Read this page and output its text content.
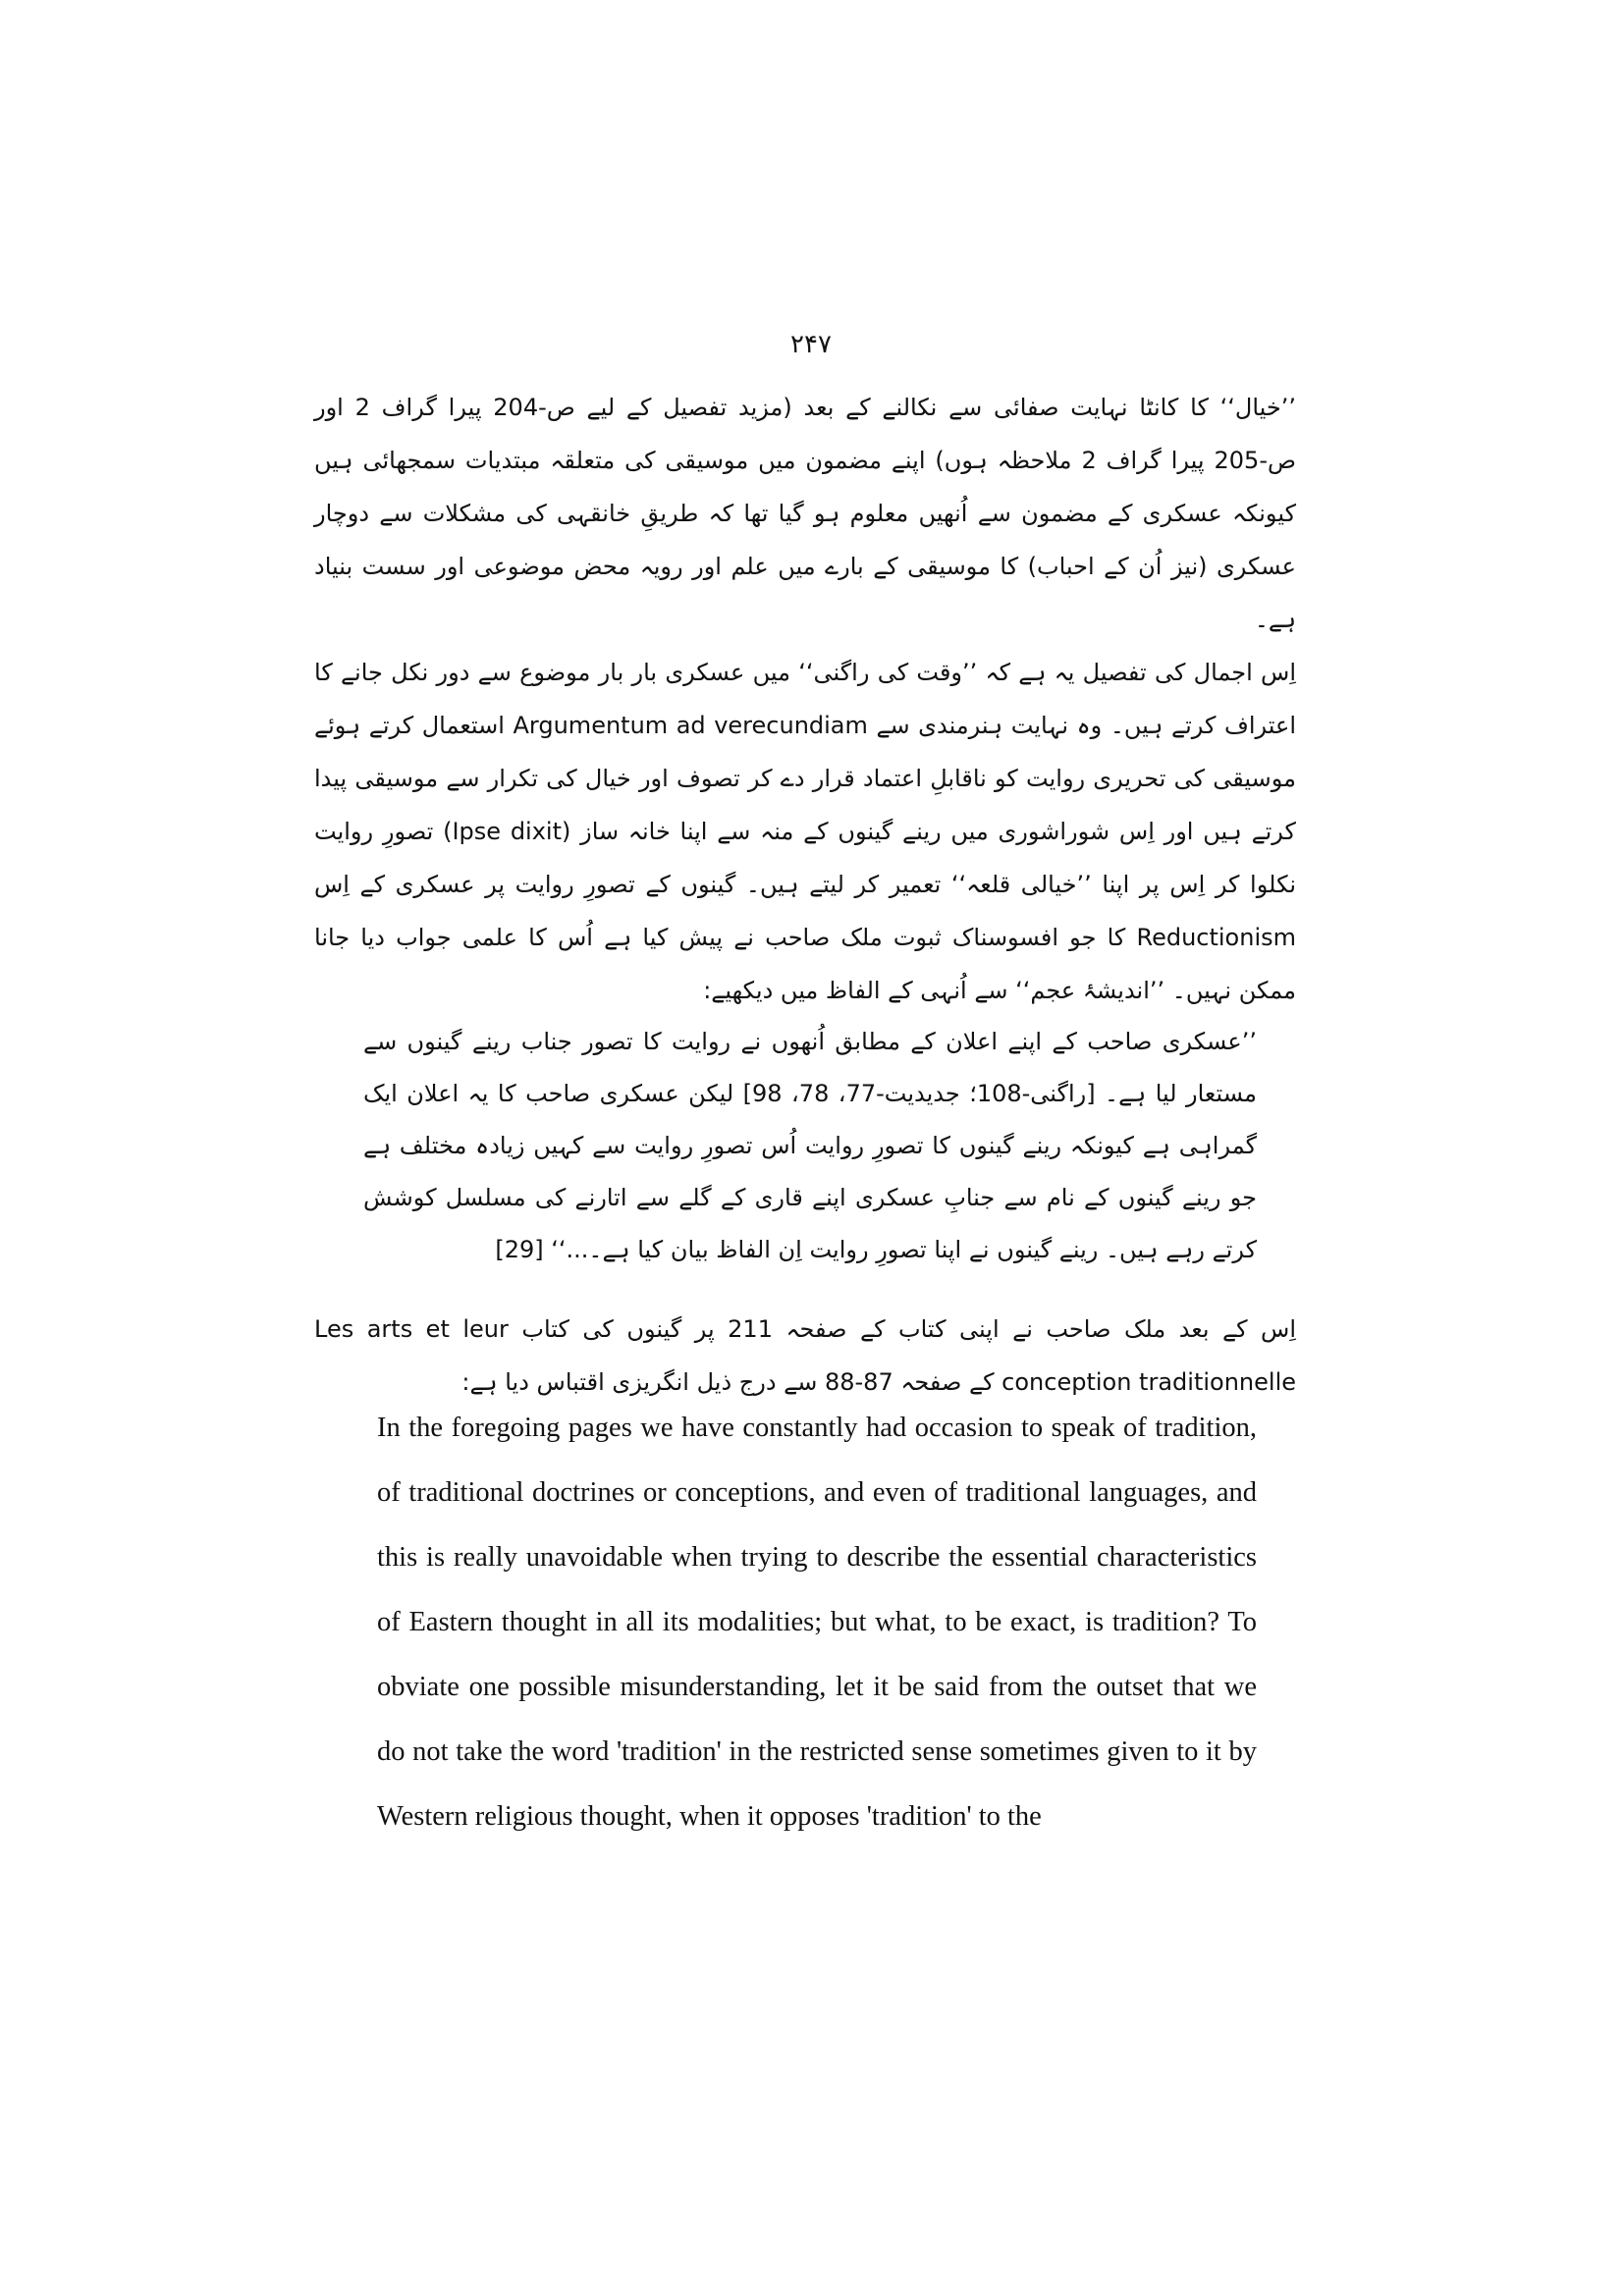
۲۴۷
’’خیال‘‘ کا کانٹا نہایت صفائی سے نکالنے کے بعد (مزید تفصیل کے لیے ص-204 پیرا گراف 2 اور ص-205 پیرا گراف 2 ملاحظہ ہوں) اپنے مضمون میں موسیقی کی متعلقہ مبتدیات سمجھائی ہیں کیونکہ عسکری کے مضمون سے اُنھیں معلوم ہو گیا تھا کہ طریقِ خانقہی کی مشکلات سے دوچار عسکری (نیز اُن کے احباب) کا موسیقی کے بارے میں علم اور رویہ محض موضوعی اور سست بنیاد ہے۔
اِس اجمال کی تفصیل یہ ہے کہ ’’وقت کی راگنی‘‘ میں عسکری بار بار موضوع سے دور نکل جانے کا اعتراف کرتے ہیں۔ وہ نہایت ہنرمندی سے Argumentum ad verecundiam استعمال کرتے ہوئے موسیقی کی تحریری روایت کو ناقابلِ اعتماد قرار دے کر تصوف اور خیال کی تکرار سے موسیقی پیدا کرتے ہیں اور اِس شوراشوری میں رینے گینوں کے منہ سے اپنا خانہ ساز (Ipse dixit) تصورِ روایت نکلوا کر اِس پر اپنا ’’خیالی قلعہ‘‘ تعمیر کر لیتے ہیں۔ گینوں کے تصورِ روایت پر عسکری کے اِس Reductionism کا جو افسوسناک ثبوت ملک صاحب نے پیش کیا ہے اُس کا علمی جواب دیا جانا ممکن نہیں۔ ’’اندیشۂ عجم‘‘ سے اُنہی کے الفاظ میں دیکھیے:
’’عسکری صاحب کے اپنے اعلان کے مطابق اُنھوں نے روایت کا تصور جناب رینے گینوں سے مستعار لیا ہے۔ [راگنی-108؛ جدیدیت-77، 78، 98] لیکن عسکری صاحب کا یہ اعلان ایک گمراہی ہے کیونکہ رینے گینوں کا تصورِ روایت اُس تصورِ روایت سے کہیں زیادہ مختلف ہے جو رینے گینوں کے نام سے جنابِ عسکری اپنے قاری کے گلے سے اتارنے کی مسلسل کوشش کرتے رہے ہیں۔ رینے گینوں نے اپنا تصورِ روایت اِن الفاظ بیان کیا ہے۔...‘‘ [29]
اِس کے بعد ملک صاحب نے اپنی کتاب کے صفحہ 211 پر گینوں کی کتاب Les arts et leur conception traditionnelle کے صفحہ 87-88 سے درج ذیل انگریزی اقتباس دیا ہے:
In the foregoing pages we have constantly had occasion to speak of tradition, of traditional doctrines or conceptions, and even of traditional languages, and this is really unavoidable when trying to describe the essential characteristics of Eastern thought in all its modalities; but what, to be exact, is tradition? To obviate one possible misunderstanding, let it be said from the outset that we do not take the word 'tradition' in the restricted sense sometimes given to it by Western religious thought, when it opposes 'tradition' to the
